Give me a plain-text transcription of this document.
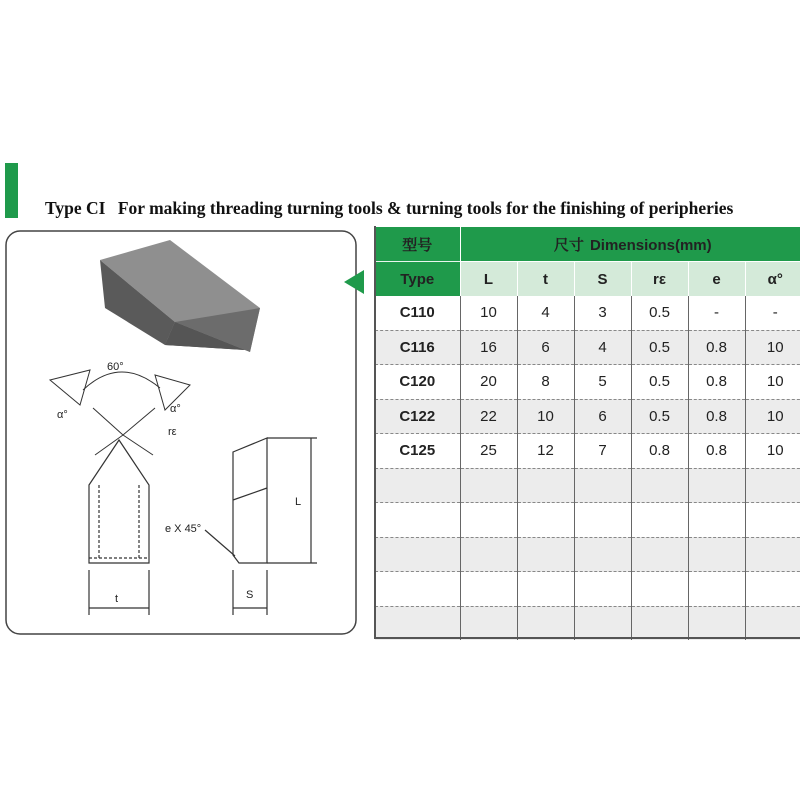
Type CI For making threading turning tools & turning tools for the finishing of peripheries
60°
α°	α°
rε
t
L
S
e X 45°
型号	尺寸 Dimensions(mm)					
Type	L	t	S	rε	e	α°
C110	10	4	3	0.5	-	-
C116	16	6	4	0.5	0.8	10
C120	20	8	5	0.5	0.8	10
C122	22	10	6	0.5	0.8	10
C125	25	12	7	0.8	0.8	10
